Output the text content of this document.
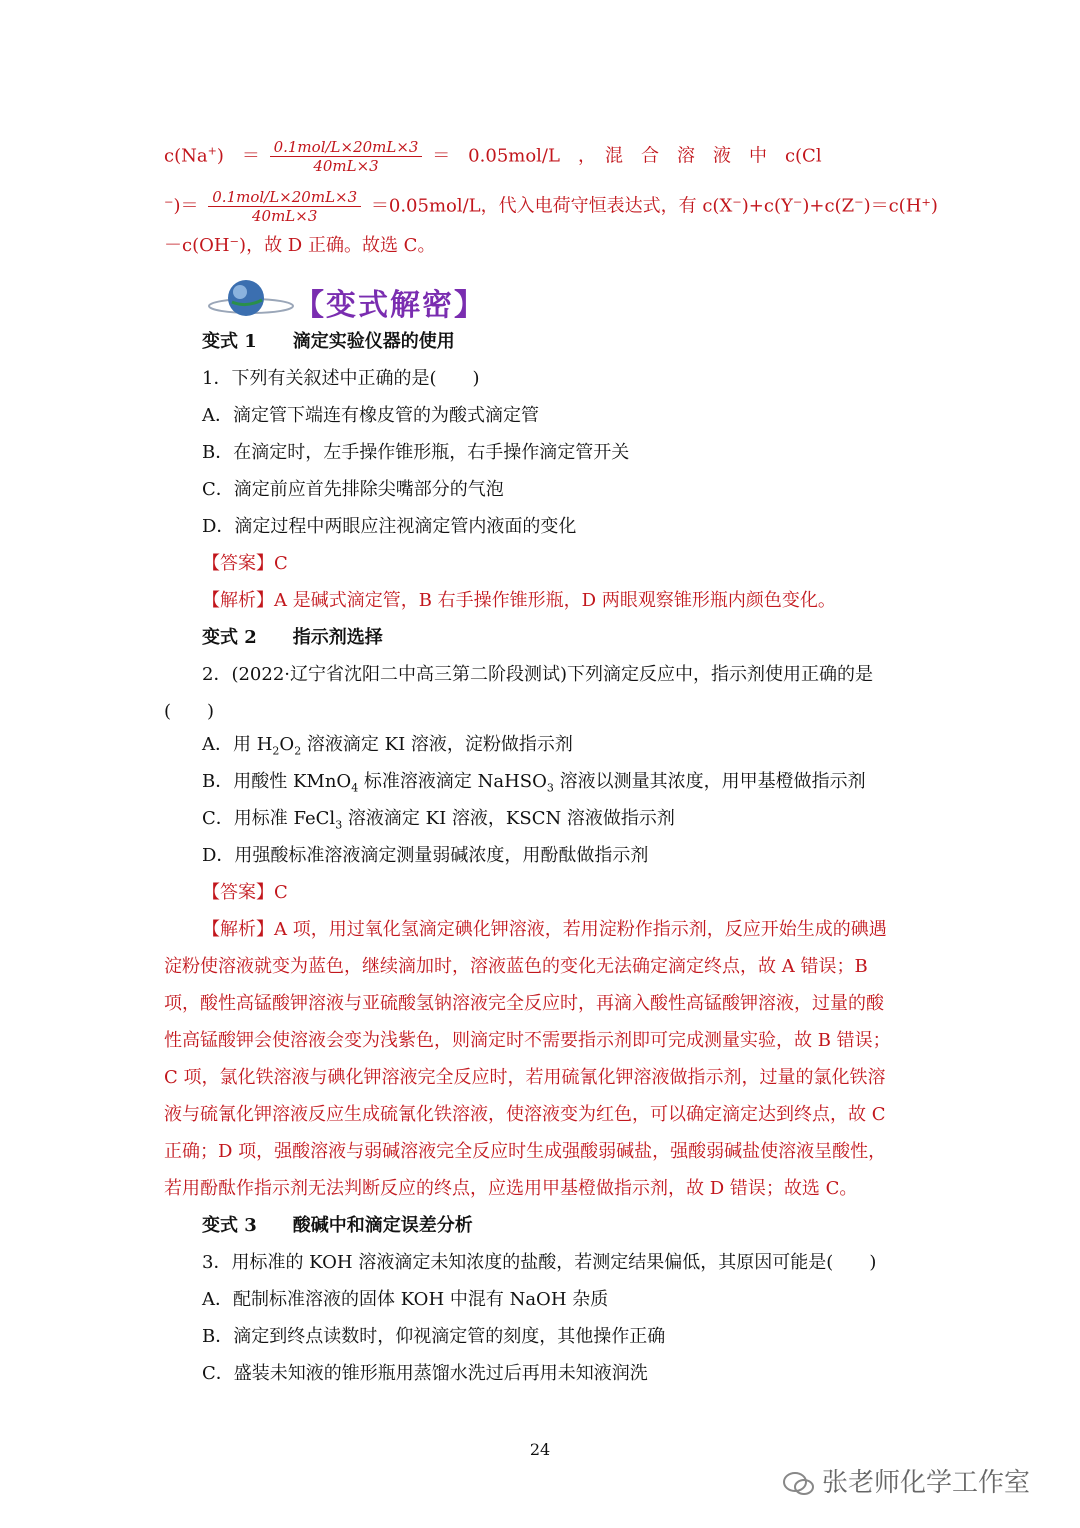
c(Na+)　＝ $\frac{\text{0.1mol/L×20mL×3}}{40mL\times 3}$ ＝　0.05mol/L　，　混　合　溶　液　中　c(Cl
⁻)＝ $\frac{\text{0.1mol/L×20mL×3}}{40mL\times 3} =0.05mol/L$，代入电荷守恒表达式，有 c(X⁻)+c(Y⁻)+c(Z⁻)＝c(H⁺)
－c(OH⁻)，故 D 正确。故选 C。
【变式解密】
变式 1　　滴定实验仪器的使用
1．下列有关叙述中正确的是(　　)
A．滴定管下端连有橡皮管的为酸式滴定管
B．在滴定时，左手操作锥形瓶，右手操作滴定管开关
C．滴定前应首先排除尖嘴部分的气泡
D．滴定过程中两眼应注视滴定管内液面的变化
【答案】C
【解析】A 是碱式滴定管，B 右手操作锥形瓶，D 两眼观察锥形瓶内颜色变化。
变式 2　　指示剂选择
2．(2022·辽宁省沈阳二中高三第二阶段测试)下列滴定反应中，指示剂使用正确的是
(　　)
A．用 $H_2O_2$ 溶液滴定 KI 溶液，淀粉做指示剂
B．用酸性 KMnO$_4$ 标准溶液滴定 NaHSO$_3$ 溶液以测量其浓度，用甲基橙做指示剂
C．用标准 FeCl$_3$ 溶液滴定 KI 溶液，KSCN 溶液做指示剂
D．用强酸标准溶液滴定测量弱碱浓度，用酚酞做指示剂
【答案】C
【解析】A 项，用过氧化氢滴定碘化钾溶液，若用淀粉作指示剂，反应开始生成的碘遇
淀粉使溶液就变为蓝色，继续滴加时，溶液蓝色的变化无法确定滴定终点，故 A 错误；B
项，酸性高锰酸钾溶液与亚硫酸氢钠溶液完全反应时，再滴入酸性高锰酸钾溶液，过量的酸
性高锰酸钾会使溶液会变为浅紫色，则滴定时不需要指示剂即可完成测量实验，故 B 错误；
C 项，氯化铁溶液与碘化钾溶液完全反应时，若用硫氰化钾溶液做指示剂，过量的氯化铁溶
液与硫氰化钾溶液反应生成硫氰化铁溶液，使溶液变为红色，可以确定滴定达到终点，故 C
正确；D 项，强酸溶液与弱碱溶液完全反应时生成强酸弱碱盐，强酸弱碱盐使溶液呈酸性，
若用酚酞作指示剂无法判断反应的终点，应选用甲基橙做指示剂，故 D 错误；故选 C。
变式 3　　酸碱中和滴定误差分析
3．用标准的 KOH 溶液滴定未知浓度的盐酸，若测定结果偏低，其原因可能是(　　)
A．配制标准溶液的固体 KOH 中混有 NaOH 杂质
B．滴定到终点读数时，仰视滴定管的刻度，其他操作正确
C．盛装未知液的锥形瓶用蒸馏水洗过后再用未知液润洗
24
张老师化学工作室
